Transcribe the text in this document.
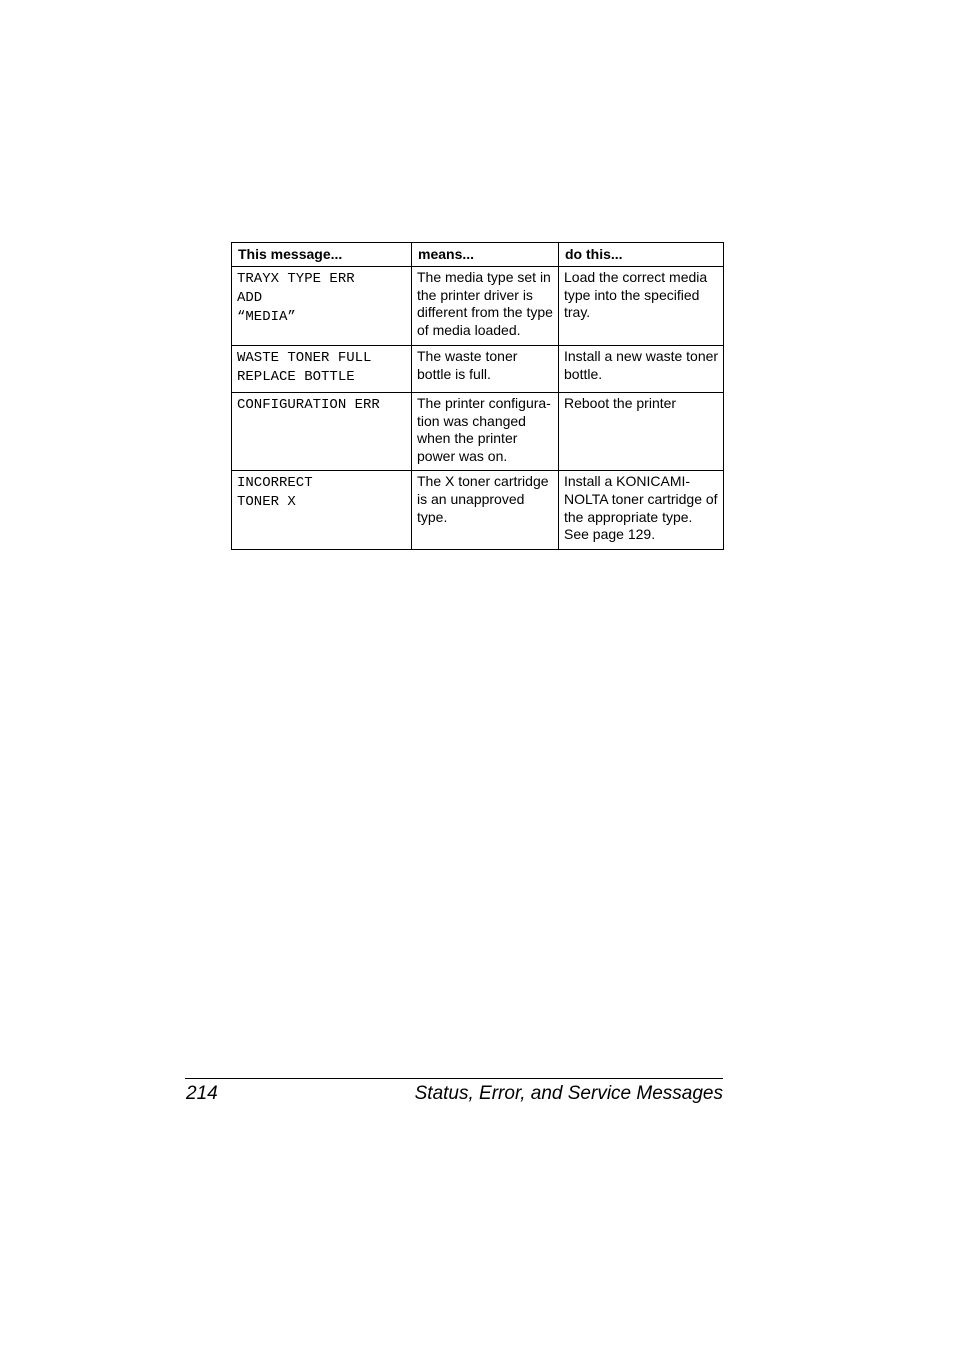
This message...	means...	do this...

TRAYX TYPE ERR
ADD
“MEDIA”	The media type set in the printer driver is different from the type of media loaded.	Load the correct media type into the specified tray.

WASTE TONER FULL
REPLACE BOTTLE	The waste toner bottle is full.	Install a new waste toner bottle.

CONFIGURATION ERR	The printer configura-tion was changed when the printer power was on.	Reboot the printer

INCORRECT
TONER X	The X toner cartridge is an unapproved type.	Install a KONICAMI-NOLTA toner cartridge of the appropriate type. See page 129.
214	Status, Error, and Service Messages
